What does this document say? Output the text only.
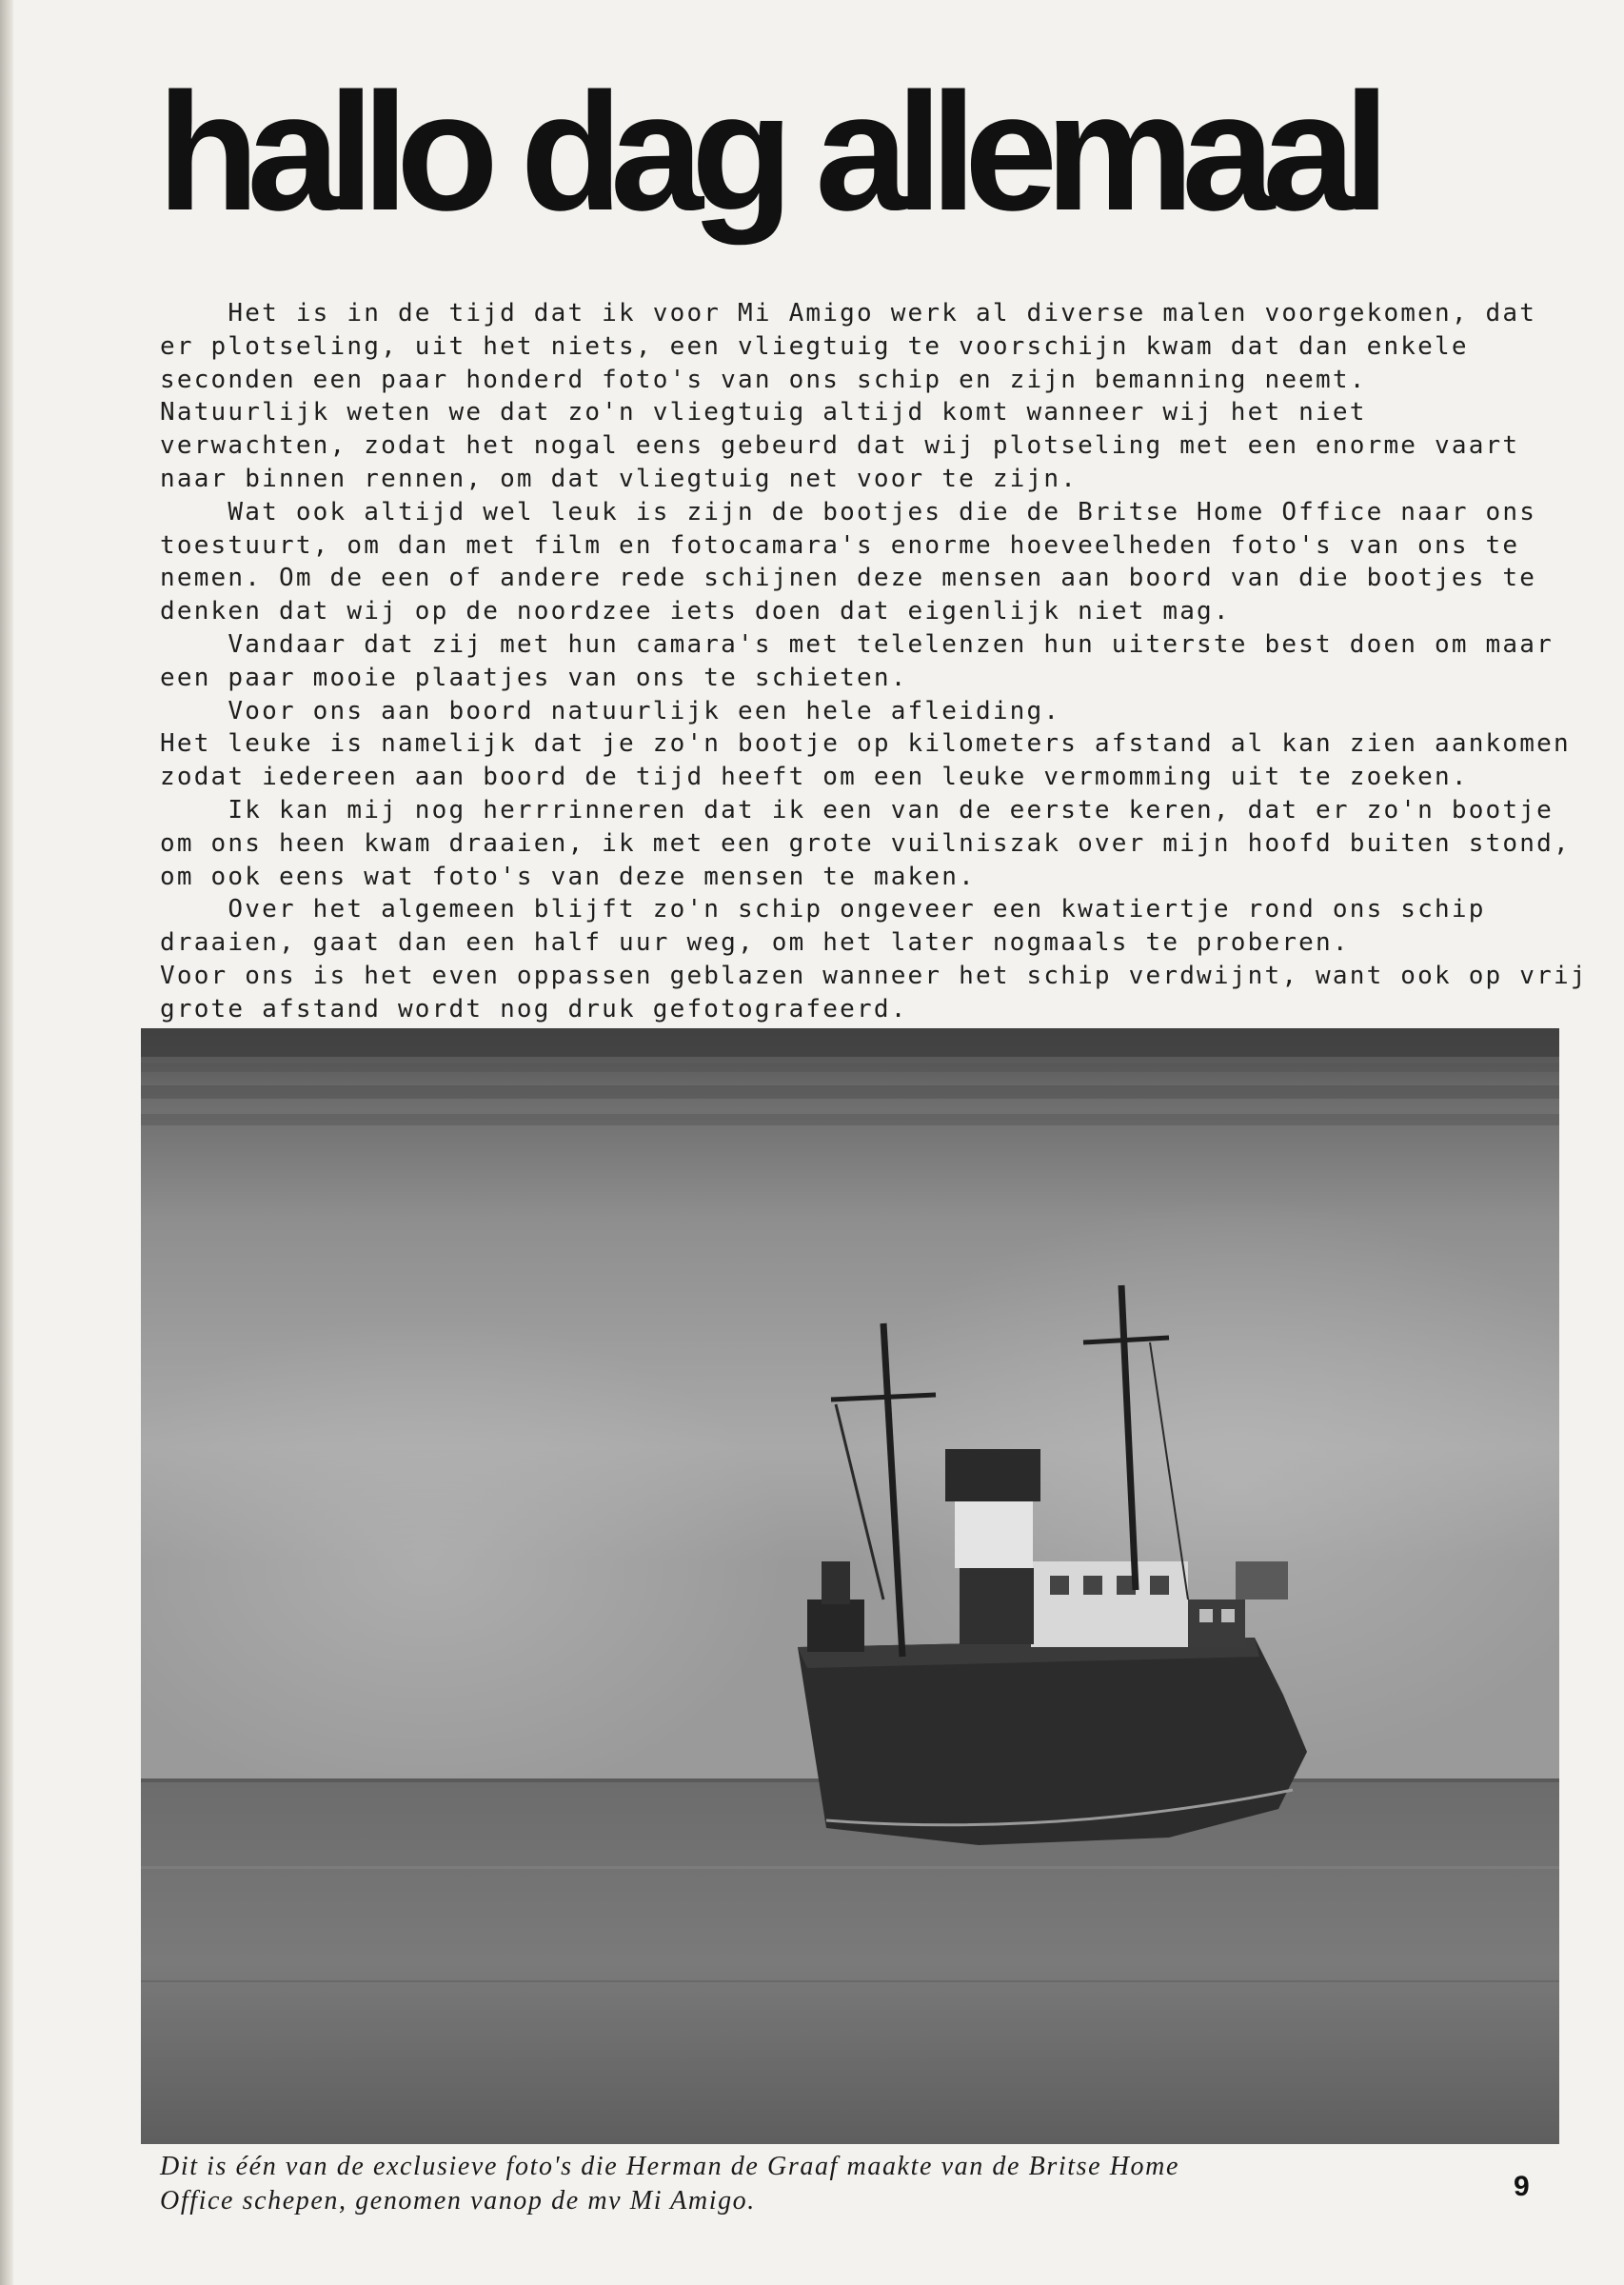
hallo dag allemaal

Het is in de tijd dat ik voor Mi Amigo werk al diverse malen voorgekomen, dat

er plotseling, uit het niets, een vliegtuig te voorschijn kwam dat dan enkele

seconden een paar honderd foto's van ons schip en zijn bemanning neemt.

Natuurlijk weten we dat zo'n vliegtuig altijd komt wanneer wij het niet

verwachten, zodat het nogal eens gebeurd dat wij plotseling met een enorme vaart

naar binnen rennen, om dat vliegtuig net voor te zijn.

Wat ook altijd wel leuk is zijn de bootjes die de Britse Home Office naar ons

toestuurt, om dan met film en fotocamara's enorme hoeveelheden foto's van ons te

nemen. Om de een of andere rede schijnen deze mensen aan boord van die bootjes te

denken dat wij op de noordzee iets doen dat eigenlijk niet mag.

Vandaar dat zij met hun camara's met telelenzen hun uiterste best doen om maar

een paar mooie plaatjes van ons te schieten.

Voor ons aan boord natuurlijk een hele afleiding.

Het leuke is namelijk dat je zo'n bootje op kilometers afstand al kan zien aankomen

zodat iedereen aan boord de tijd heeft om een leuke vermomming uit te zoeken.

Ik kan mij nog herrrinneren dat ik een van de eerste keren, dat er zo'n bootje

om ons heen kwam draaien, ik met een grote vuilniszak over mijn hoofd buiten stond,

om ook eens wat foto's van deze mensen te maken.

Over het algemeen blijft zo'n schip ongeveer een kwatiertje rond ons schip

draaien, gaat dan een half uur weg, om het later nogmaals te proberen.

Voor ons is het even oppassen geblazen wanneer het schip verdwijnt, want ook op vrij

grote afstand wordt nog druk gefotografeerd.

Dit is één van de exclusieve foto's die Herman de Graaf maakte van de Britse Home

Office schepen, genomen vanop de mv Mi Amigo.	9
